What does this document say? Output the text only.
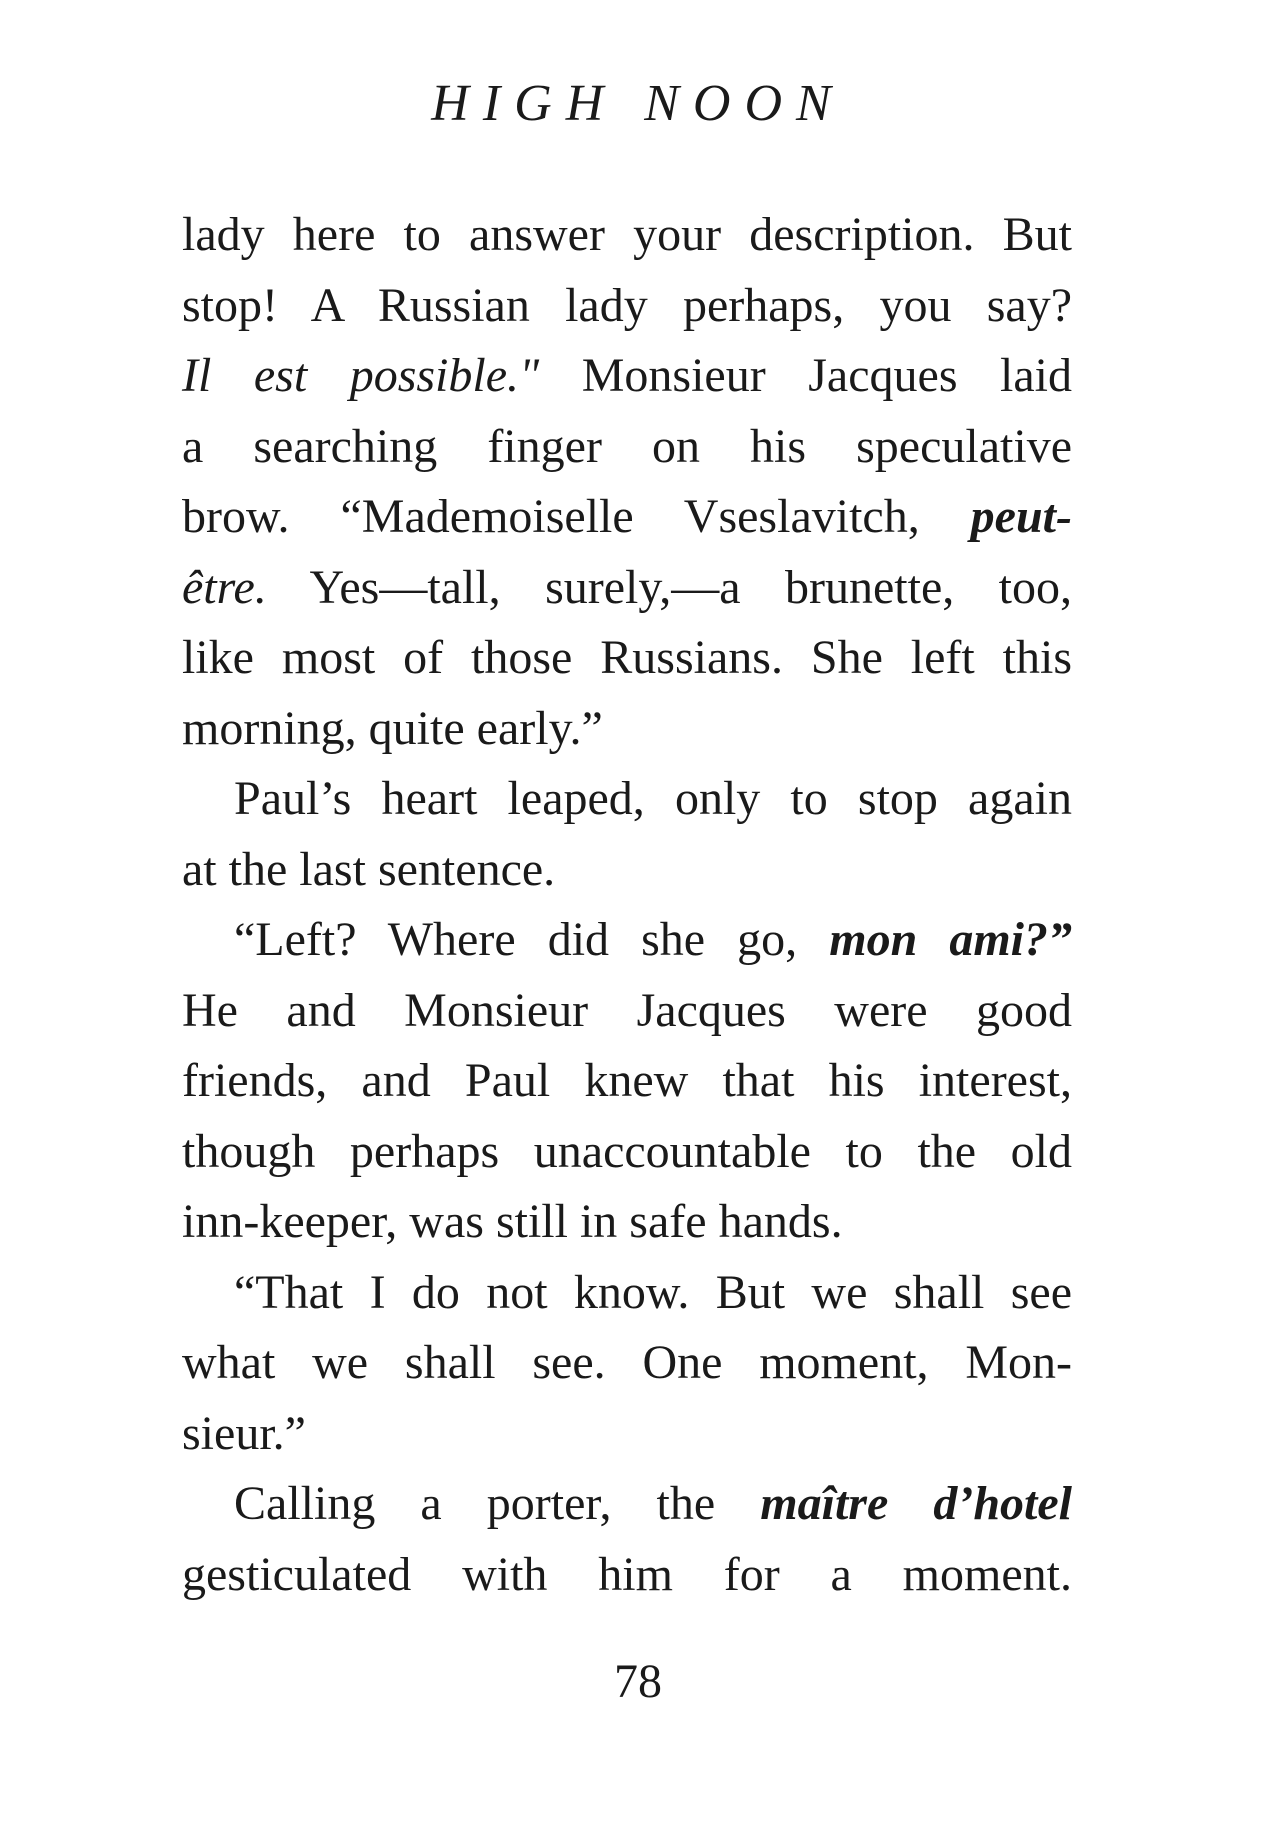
HIGH NOON
lady here to answer your description. But
stop! A Russian lady perhaps, you say?
Il est possible." Monsieur Jacques laid
a searching finger on his speculative
brow. “Mademoiselle Vseslavitch, peut-
être. Yes—tall, surely,—a brunette, too,
like most of those Russians. She left this
morning, quite early.”
Paul’s heart leaped, only to stop again
at the last sentence.
“Left? Where did she go, mon ami?”
He and Monsieur Jacques were good
friends, and Paul knew that his interest,
though perhaps unaccountable to the old
inn-keeper, was still in safe hands.
“That I do not know. But we shall see
what we shall see. One moment, Mon-
sieur.”
Calling a porter, the maître d’hotel
gesticulated with him for a moment.
78
